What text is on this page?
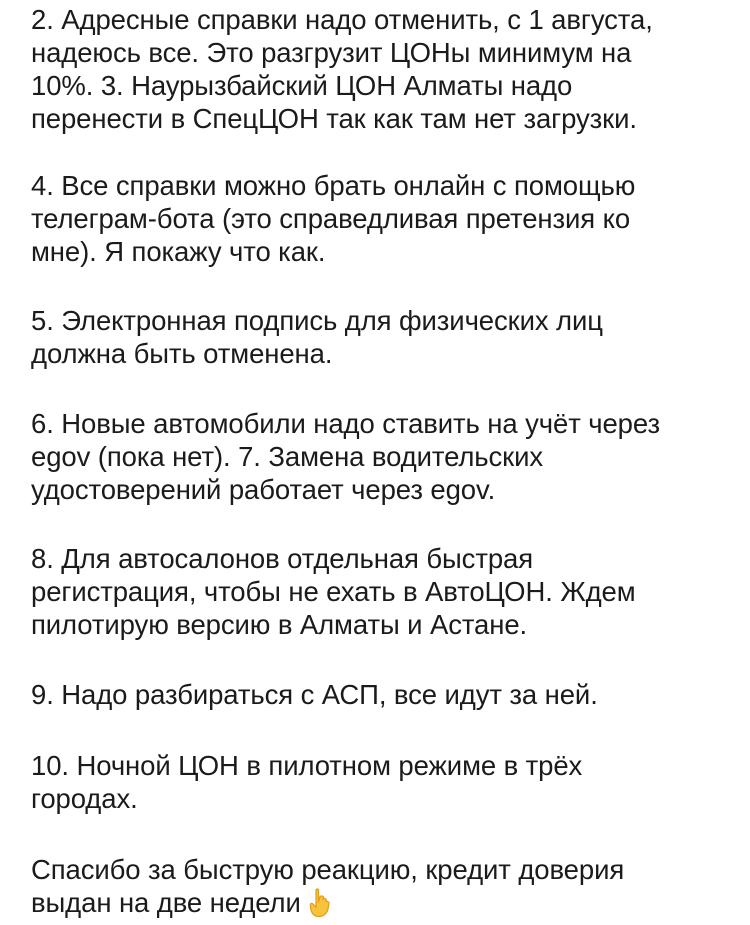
2. Адресные справки надо отменить, с 1 августа,
надеюсь все. Это разгрузит ЦОНы минимум на
10%. 3. Наурызбайский ЦОН Алматы надо
перенести в СпецЦОН так как там нет загрузки.

4. Все справки можно брать онлайн с помощью
телеграм-бота (это справедливая претензия ко
мне). Я покажу что как.

5. Электронная подпись для физических лиц
должна быть отменена.

6. Новые автомобили надо ставить на учёт через
egov (пока нет). 7. Замена водительских
удостоверений работает через egov.

8. Для автосалонов отдельная быстрая
регистрация, чтобы не ехать в АвтоЦОН. Ждем
пилотирую версию в Алматы и Астане.

9. Надо разбираться с АСП, все идут за ней.

10. Ночной ЦОН в пилотном режиме в трёх
городах.

Спасибо за быструю реакцию, кредит доверия
выдан на две недели
